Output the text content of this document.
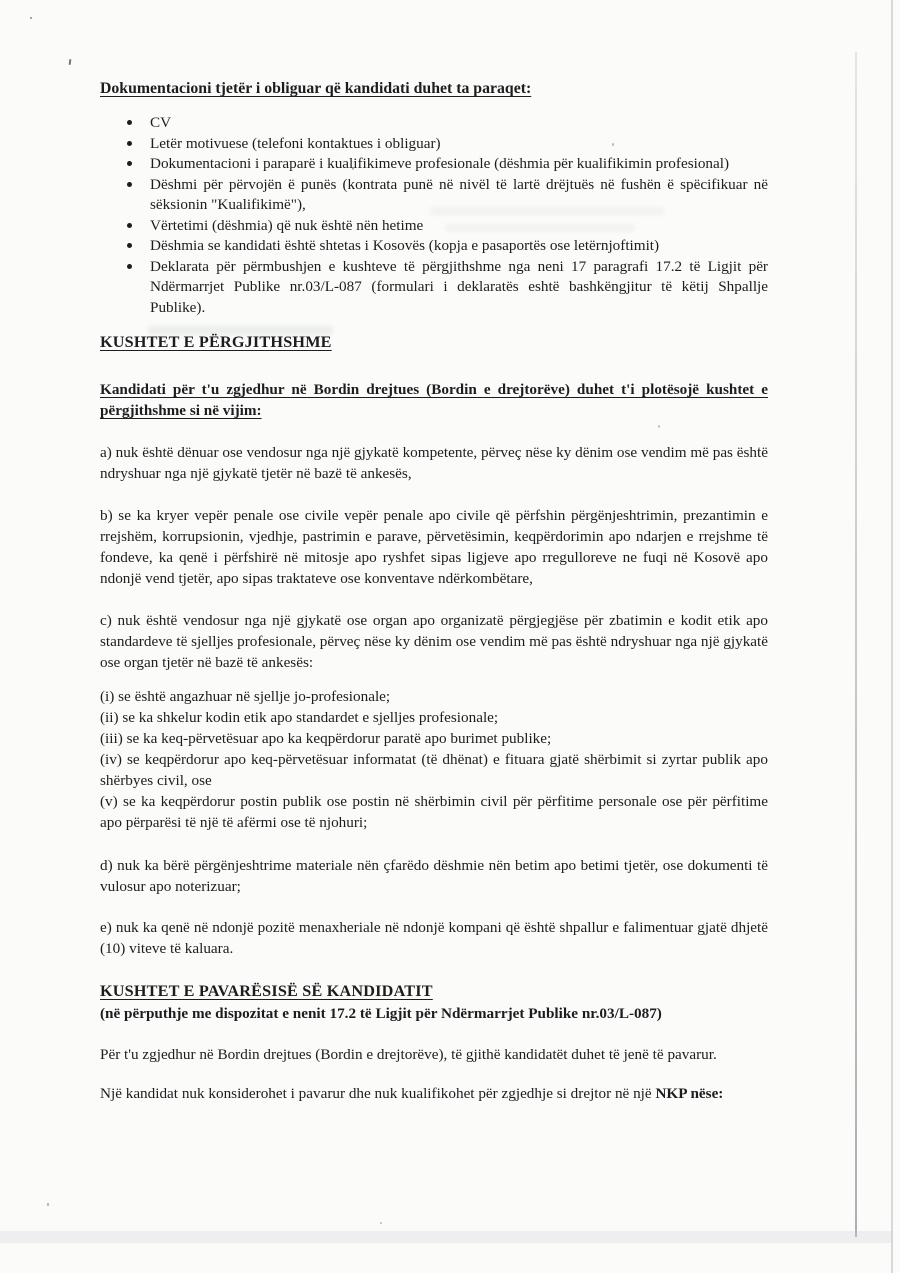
Dokumentacioni tjetër i obliguar që kandidati duhet ta paraqet:
CV
Letër motivuese (telefoni kontaktues i obliguar)
Dokumentacioni i paraparë i kualifikimeve profesionale (dëshmia për kualifikimin profesional)
Dëshmi për përvojën ë punës (kontrata punë në nivël të lartë drëjtuës në fushën ë spëcifikuar në sëksionin "Kualifikimë"),
Vërtetimi (dëshmia) që nuk është nën hetime
Dëshmia se kandidati është shtetas i Kosovës (kopja e pasaportës ose letërnjoftimit)
Deklarata për përmbushjen e kushteve të përgjithshme nga neni 17 paragrafi 17.2 të Ligjit për Ndërmarrjet Publike nr.03/L-087 (formulari i deklaratës eshtë bashkëngjitur të këtij Shpallje Publike).
KUSHTET E PËRGJITHSHME

Kandidati për t'u zgjedhur në Bordin drejtues (Bordin e drejtorëve) duhet t'i plotësojë kushtet e përgjithshme si në vijim:

a) nuk është dënuar ose vendosur nga një gjykatë kompetente, përveç nëse ky dënim ose vendim më pas është ndryshuar nga një gjykatë tjetër në bazë të ankesës,

b) se ka kryer vepër penale ose civile vepër penale apo civile që përfshin përgënjeshtrimin, prezantimin e rrejshëm, korrupsionin, vjedhje, pastrimin e parave, përvetësimin, keqpërdorimin apo ndarjen e rrejshme të fondeve, ka qenë i përfshirë në mitosje apo ryshfet sipas ligjeve apo rregulloreve ne fuqi në Kosovë apo ndonjë vend tjetër, apo sipas traktateve ose konventave ndërkombëtare,

c) nuk është vendosur nga një gjykatë ose organ apo organizatë përgjegjëse për zbatimin e kodit etik apo standardeve të sjelljes profesionale, përveç nëse ky dënim ose vendim më pas është ndryshuar nga një gjykatë ose organ tjetër në bazë të ankesës:

(i) se është angazhuar në sjellje jo-profesionale;

(ii) se ka shkelur kodin etik apo standardet e sjelljes profesionale;

(iii) se ka keq-përvetësuar apo ka keqpërdorur paratë apo burimet publike;

(iv) se keqpërdorur apo keq-përvetësuar informatat (të dhënat) e fituara gjatë shërbimit si zyrtar publik apo shërbyes civil, ose

(v) se ka keqpërdorur postin publik ose postin në shërbimin civil për përfitime personale ose për përfitime apo përparësi të një të afërmi ose të njohuri;

d) nuk ka bërë përgënjeshtrime materiale nën çfarëdo dëshmie nën betim apo betimi tjetër, ose dokumenti të vulosur apo noterizuar;

e) nuk ka qenë në ndonjë pozitë menaxheriale në ndonjë kompani që është shpallur e falimentuar gjatë dhjetë (10) viteve të kaluara.

KUSHTET E PAVARËSISË SË KANDIDATIT

(në përputhje me dispozitat e nenit 17.2 të Ligjit për Ndërmarrjet Publike nr.03/L-087)

Për t'u zgjedhur në Bordin drejtues (Bordin e drejtorëve), të gjithë kandidatët duhet të jenë të pavarur.

Një kandidat nuk konsiderohet i pavarur dhe nuk kualifikohet për zgjedhje si drejtor në një NKP nëse:
